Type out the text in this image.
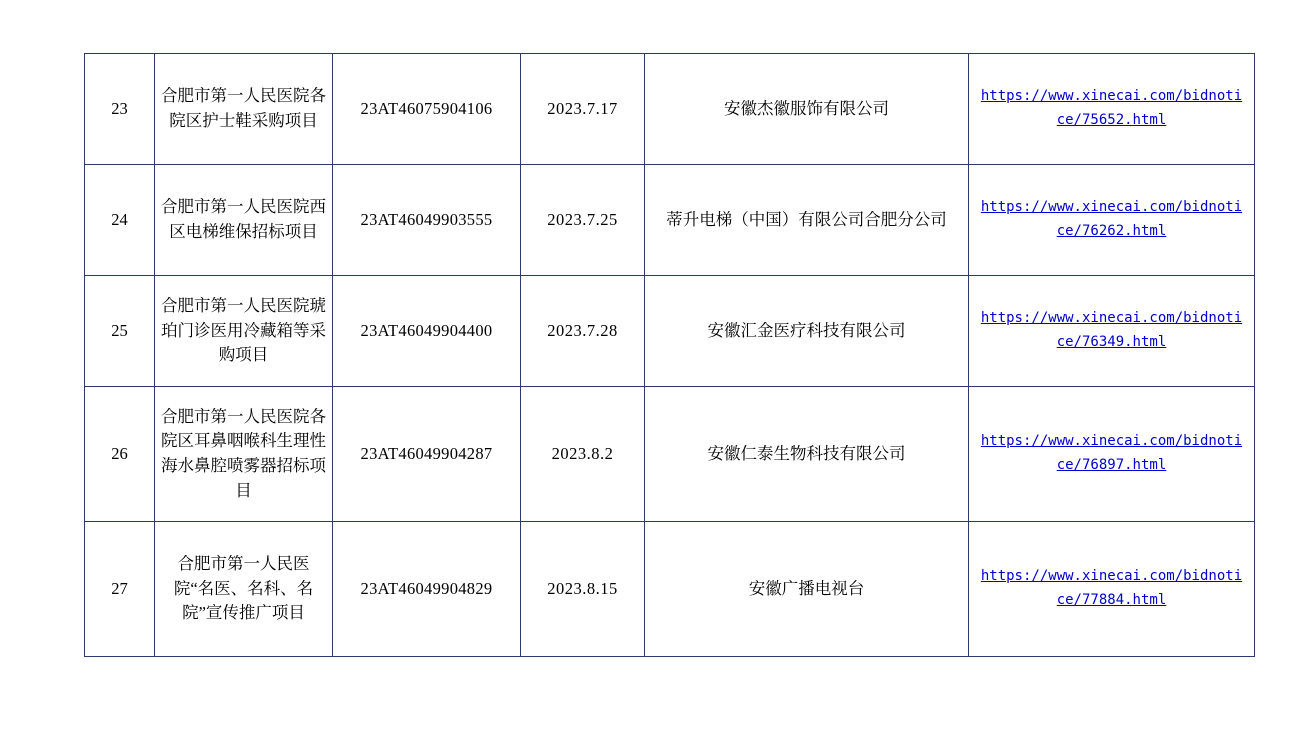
23	合肥市第一人民医院各院区护士鞋采购项目	23AT46075904106	2023.7.17	安徽杰徽服饰有限公司	https://www.xinecai.com/bidnotice/75652.html
24	合肥市第一人民医院西区电梯维保招标项目	23AT46049903555	2023.7.25	蒂升电梯（中国）有限公司合肥分公司	https://www.xinecai.com/bidnotice/76262.html
25	合肥市第一人民医院琥珀门诊医用冷藏箱等采购项目	23AT46049904400	2023.7.28	安徽汇金医疗科技有限公司	https://www.xinecai.com/bidnotice/76349.html
26	合肥市第一人民医院各院区耳鼻咽喉科生理性海水鼻腔喷雾器招标项目	23AT46049904287	2023.8.2	安徽仁泰生物科技有限公司	https://www.xinecai.com/bidnotice/76897.html
27	合肥市第一人民医院“名医、名科、名院”宣传推广项目	23AT46049904829	2023.8.15	安徽广播电视台	https://www.xinecai.com/bidnotice/77884.html
